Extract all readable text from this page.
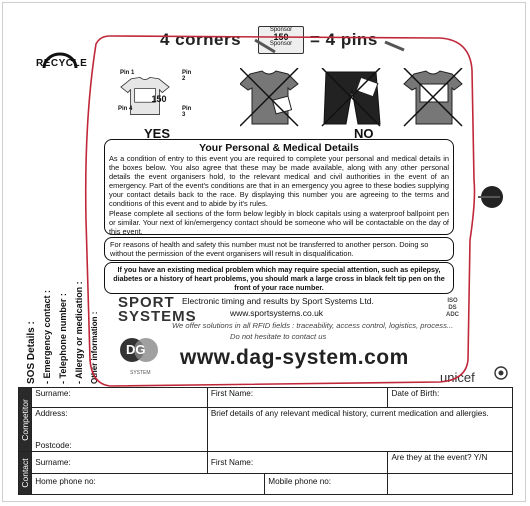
RECYCLE
4 corners	Sponsor
150
Sponsor	= 4 pins
150
Pin 1	Pin 2
Pin 3
Pin 4
YES	NO
Your Personal & Medical Details
As a condition of entry to this event you are required to complete your personal and medical details in the boxes below. You also agree that these may be made available, along with any other personal details the event organisers hold, to the relevant medical and civil authorities in the event of an emergency. Part of the event's conditions are that in an emergency you agree to these bodies supplying your contact details back to the race. By displaying this number you are agreeing to the terms and conditions of this event and to abide by it's rules.
Please complete all sections of the form below legibly in block capitals using a waterproof ballpoint pen or similar. Your next of kin/emergency contact should be someone who will be contactable on the day of this event.
For reasons of health and safety this number must not be transferred to another person. Doing so without the permission of the event organisers will result in disqualification.
If you have an existing medical problem which may require special attention, such as epilepsy, diabetes or a history of heart problems, you should mark a large cross in black felt tip pen on the front of your race number.
SOS Details : - Emergency contact : - Telephone number : - Allergy or medication : Other information :
SPORT
SYSTEMS
Electronic timing and results by Sport Systems Ltd.
www.sportsystems.co.uk
We offer solutions in all RFID fields : traceability, access control, logistics, process...
Do not hesitate to contact us
ISO
DS
ADC
DG
SYSTEM
www.dag-system.com
unicef
Competitor	Surname:	First Name:	Date of Birth:
	Address:	Brief details of any relevant medical history, current medication and allergies.	
	Postcode:		

Contact	Surname:	First Name:	Are they at the event? Y/N

	Home phone no: Mobile phone no:		
